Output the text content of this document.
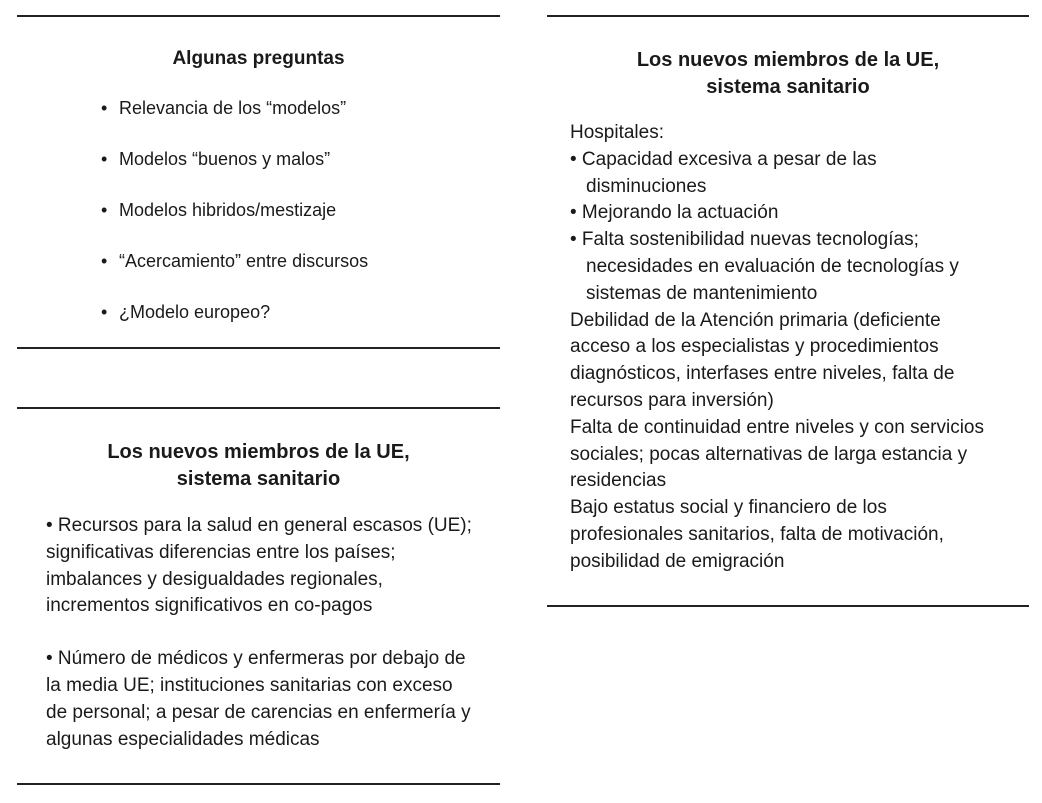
Algunas preguntas
• Relevancia de los “modelos”
• Modelos “buenos y malos”
• Modelos hibridos/mestizaje
• “Acercamiento” entre discursos
• ¿Modelo europeo?
Los nuevos miembros de la UE,
sistema sanitario

• Recursos para la salud en general escasos (UE); significativas diferencias entre los países; imbalances y desigualdades regionales, incrementos significativos en co-pagos

• Número de médicos y enfermeras por debajo de la media UE; instituciones sanitarias con exceso de personal; a pesar de carencias en enfermería y algunas especialidades médicas

Los nuevos miembros de la UE,
sistema sanitario

Hospitales:

• Capacidad excesiva a pesar de las disminuciones

• Mejorando la actuación

• Falta sostenibilidad nuevas tecnologías; necesidades en evaluación de tecnologías y sistemas de mantenimiento

Debilidad de la Atención primaria (deficiente acceso a los especialistas y procedimientos diagnósticos, interfases entre niveles, falta de recursos para inversión)

Falta de continuidad entre niveles y con servicios sociales; pocas alternativas de larga estancia y residencias

Bajo estatus social y financiero de los profesionales sanitarios, falta de motivación, posibilidad de emigración
